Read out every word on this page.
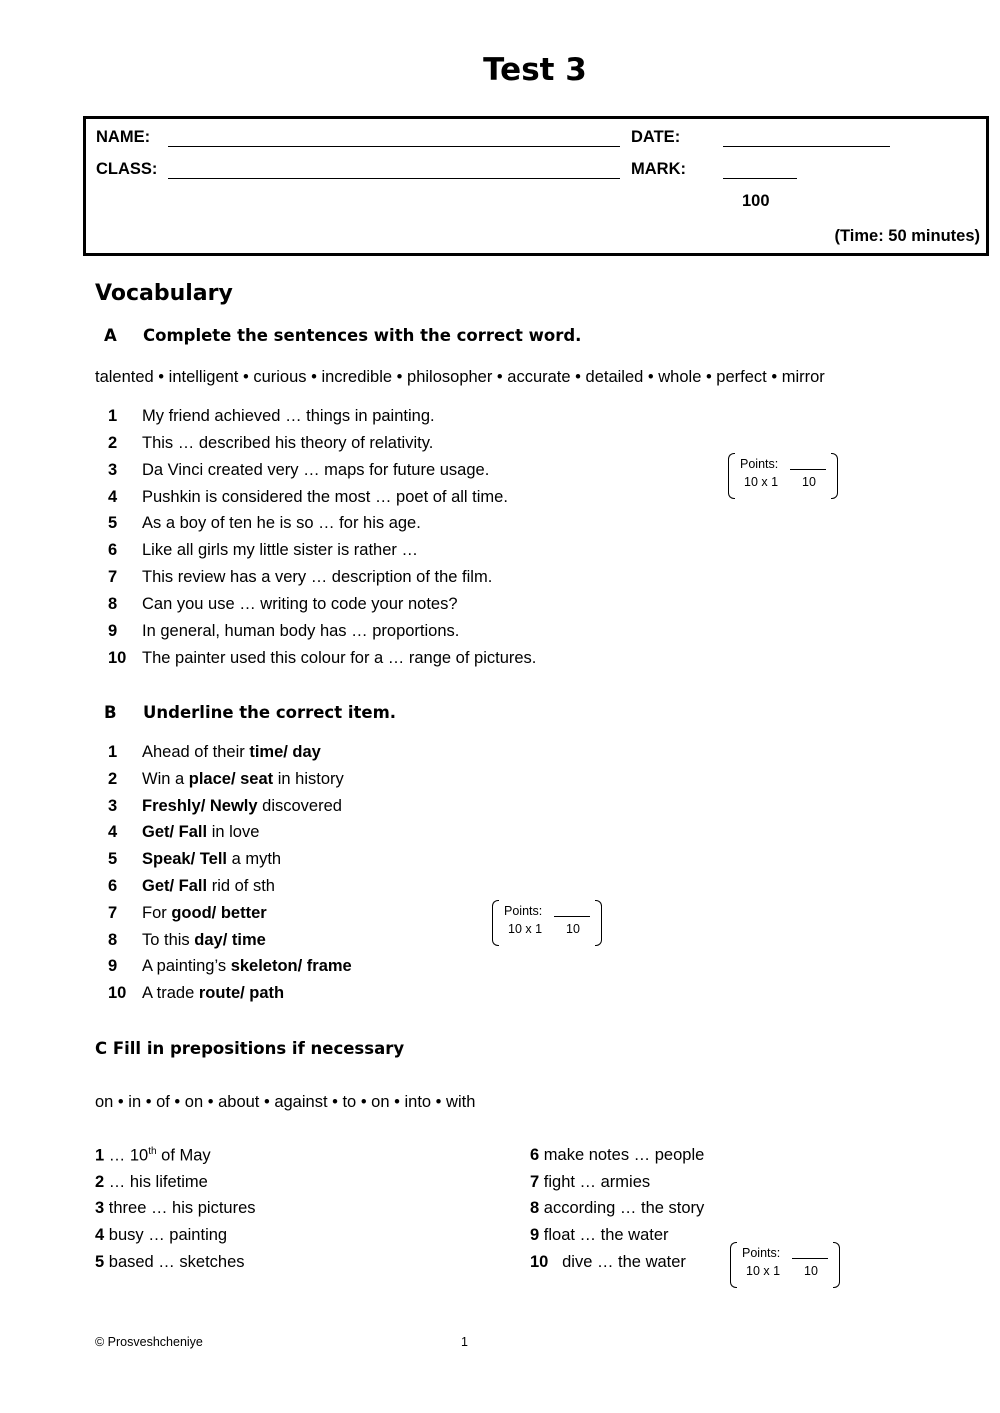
Test 3
NAME:	DATE:
CLASS:	MARK:
100
(Time: 50 minutes)
Vocabulary
A Complete the sentences with the correct word.
talented • intelligent • curious • incredible • philosopher • accurate • detailed • whole • perfect • mirror
1 My friend achieved … things in painting.
2 This … described his theory of relativity.
3 Da Vinci created very … maps for future usage.
4 Pushkin is considered the most … poet of all time.
5 As a boy of ten he is so … for his age.
6 Like all girls my little sister is rather …
7 This review has a very … description of the film.
8 Can you use … writing to code your notes?
9 In general, human body has … proportions.
10 The painter used this colour for a … range of pictures.
Points:
10 x 1 10
B Underline the correct item.
1 Ahead of their time/ day
2 Win a place/ seat in history
3 Freshly/ Newly discovered
4 Get/ Fall in love
5 Speak/ Tell a myth
6 Get/ Fall rid of sth
7 For good/ better
8 To this day/ time
9 A painting’s skeleton/ frame
10 A trade route/ path
Points:
10 x 1 10
C Fill in prepositions if necessary
on • in • of • on • about • against • to • on • into • with
1 … 10th of May
2 … his lifetime
3 three … his pictures
4 busy … painting
5 based … sketches
6 make notes … people
7 fight … armies
8 according … the story
9 float … the water
10   dive … the water	Points:
10 x 1 10
© Prosveshcheniye	1
